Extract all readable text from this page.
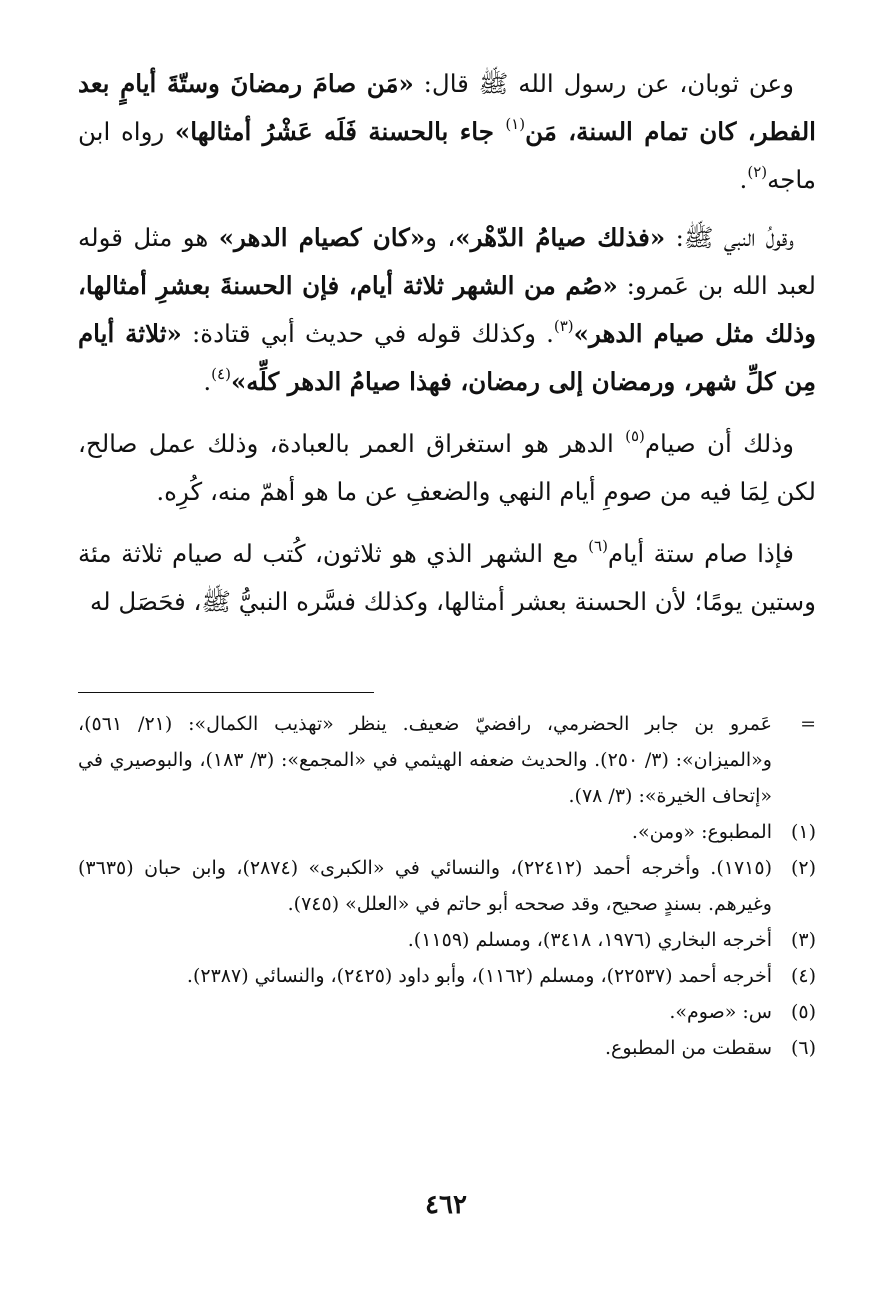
وعن ثوبان، عن رسول الله ﷺ قال: «مَن صامَ رمضانَ وستّةَ أيامٍ بعد الفطر، كان تمام السنة، مَن$^{(١)}$ جاء بالحسنة فَلَه عَشْرُ أمثالها» رواه ابن ماجه$^{(٢)}$.

وقولُ النبي ﷺ: «فذلك صيامُ الدّهْر»، و«كان كصيام الدهر» هو مثل قوله لعبد الله بن عَمرو: «صُم من الشهر ثلاثة أيام، فإن الحسنةَ بعشرِ أمثالها، وذلك مثل صيام الدهر»$^{(٣)}$. وكذلك قوله في حديث أبي قتادة: «ثلاثة أيام مِن كلِّ شهر، ورمضان إلى رمضان، فهذا صيامُ الدهر كلِّه»$^{(٤)}$.

وذلك أن صيام$^{(٥)}$ الدهر هو استغراق العمر بالعبادة، وذلك عمل صالح، لكن لِمَا فيه من صومِ أيام النهي والضعفِ عن ما هو أهمّ منه، كُرِه.

فإذا صام ستة أيام$^{(٦)}$ مع الشهر الذي هو ثلاثون، كُتب له صيام ثلاثة مئة وستين يومًا؛ لأن الحسنة بعشر أمثالها، وكذلك فسَّره النبيُّ ﷺ، فحَصَل له

=
عَمرو بن جابر الحضرمي، رافضيّ ضعيف. ينظر «تهذيب الكمال»: (٢١/ ٥٦١)، و«الميزان»: (٣/ ٢٥٠). والحديث ضعفه الهيثمي في «المجمع»: (٣/ ١٨٣)، والبوصيري في «إتحاف الخيرة»: (٣/ ٧٨).
(١)
المطبوع: «ومن».
(٢)
(١٧١٥). وأخرجه أحمد (٢٢٤١٢)، والنسائي في «الكبرى» (٢٨٧٤)، وابن حبان (٣٦٣٥) وغيرهم. بسندٍ صحيح، وقد صححه أبو حاتم في «العلل» (٧٤٥).
(٣)
أخرجه البخاري (١٩٧٦، ٣٤١٨)، ومسلم (١١٥٩).
(٤)
أخرجه أحمد (٢٢٥٣٧)، ومسلم (١١٦٢)، وأبو داود (٢٤٢٥)، والنسائي (٢٣٨٧).
(٥)
س: «صوم».
(٦)
سقطت من المطبوع.
٤٦٢
